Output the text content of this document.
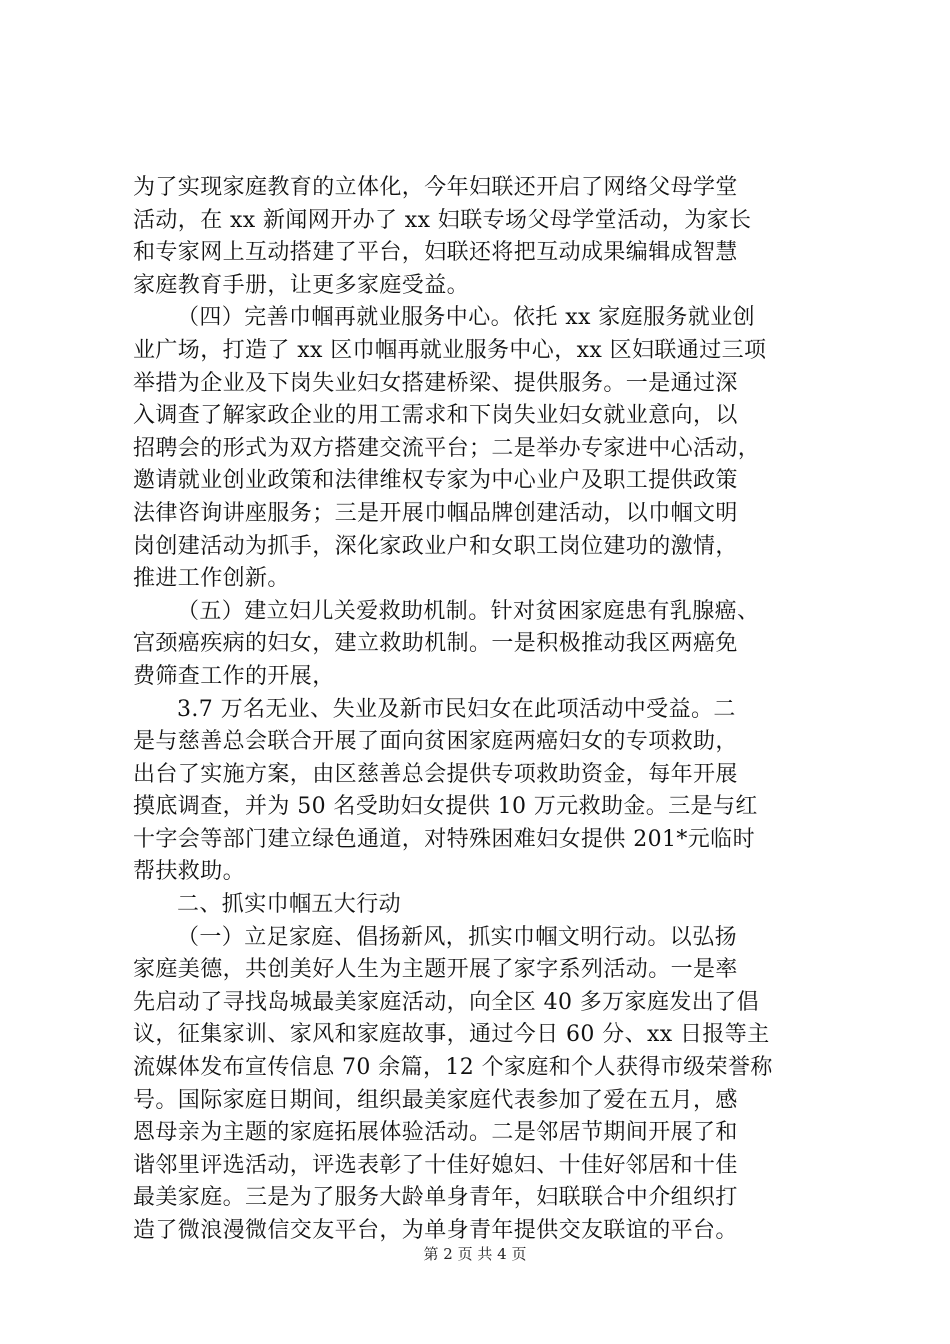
为了实现家庭教育的立体化，今年妇联还开启了网络父母学堂
活动，在 xx 新闻网开办了 xx 妇联专场父母学堂活动，为家长
和专家网上互动搭建了平台，妇联还将把互动成果编辑成智慧
家庭教育手册，让更多家庭受益。
（四）完善巾帼再就业服务中心。依托 xx 家庭服务就业创
业广场，打造了 xx 区巾帼再就业服务中心，xx 区妇联通过三项
举措为企业及下岗失业妇女搭建桥梁、提供服务。一是通过深
入调查了解家政企业的用工需求和下岗失业妇女就业意向，以
招聘会的形式为双方搭建交流平台；二是举办专家进中心活动，
邀请就业创业政策和法律维权专家为中心业户及职工提供政策
法律咨询讲座服务；三是开展巾帼品牌创建活动，以巾帼文明
岗创建活动为抓手，深化家政业户和女职工岗位建功的激情，
推进工作创新。
（五）建立妇儿关爱救助机制。针对贫困家庭患有乳腺癌、
宫颈癌疾病的妇女，建立救助机制。一是积极推动我区两癌免
费筛查工作的开展，
3.7 万名无业、失业及新市民妇女在此项活动中受益。二
是与慈善总会联合开展了面向贫困家庭两癌妇女的专项救助，
出台了实施方案，由区慈善总会提供专项救助资金，每年开展
摸底调查，并为 50 名受助妇女提供 10 万元救助金。三是与红
十字会等部门建立绿色通道，对特殊困难妇女提供 201*元临时
帮扶救助。
二、抓实巾帼五大行动
（一）立足家庭、倡扬新风，抓实巾帼文明行动。以弘扬
家庭美德，共创美好人生为主题开展了家字系列活动。一是率
先启动了寻找岛城最美家庭活动，向全区 40 多万家庭发出了倡
议，征集家训、家风和家庭故事，通过今日 60 分、xx 日报等主
流媒体发布宣传信息 70 余篇，12 个家庭和个人获得市级荣誉称
号。国际家庭日期间，组织最美家庭代表参加了爱在五月，感
恩母亲为主题的家庭拓展体验活动。二是邻居节期间开展了和
谐邻里评选活动，评选表彰了十佳好媳妇、十佳好邻居和十佳
最美家庭。三是为了服务大龄单身青年，妇联联合中介组织打
造了微浪漫微信交友平台，为单身青年提供交友联谊的平台。
第 2 页 共 4 页
